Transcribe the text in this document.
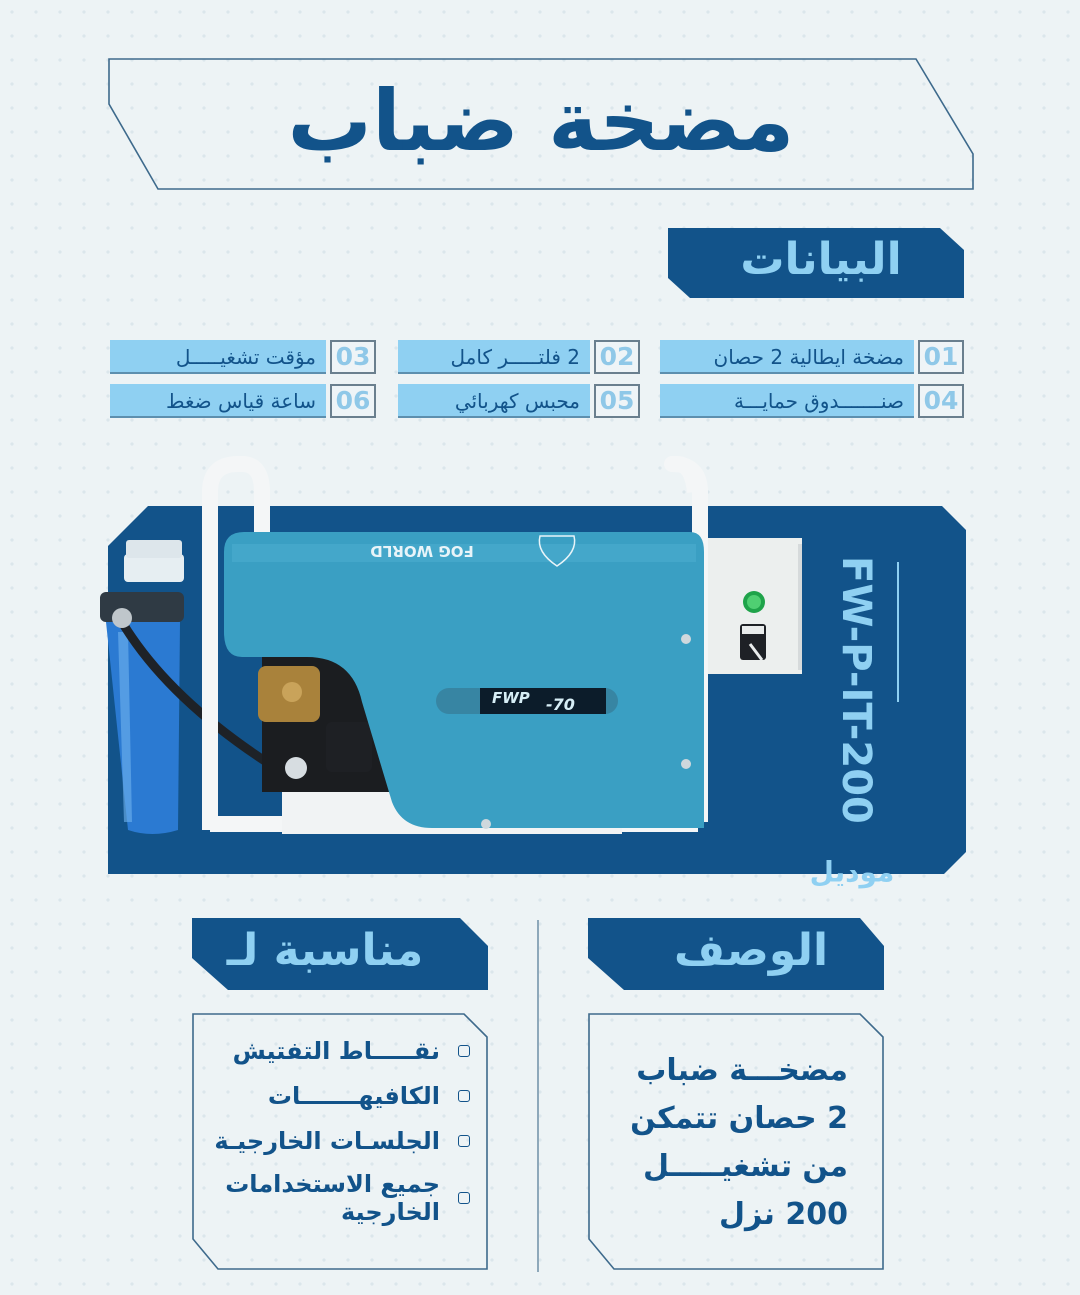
مضخة ضباب
البيانات
مضخة ايطالية 2 حصان 01
2 فلتـــــر كامل 02
مؤقت تشغيـــــل 03
صنـــــــدوق حمايـــة 04
محبس كهربائي 05
ساعة قياس ضغط 06
FOG WORLD
FWP -70	FW-P-IT-200
موديل
الوصف
مناسبة لـ
مضخـــة ضباب
2 حصان تتمكن
من تشغيـــــل
200 نزل
نقـــــاط التفتيش
الكافيهـــــــات
الجلسـات الخارجيـة
جميع الاستخدامات الخارجية
